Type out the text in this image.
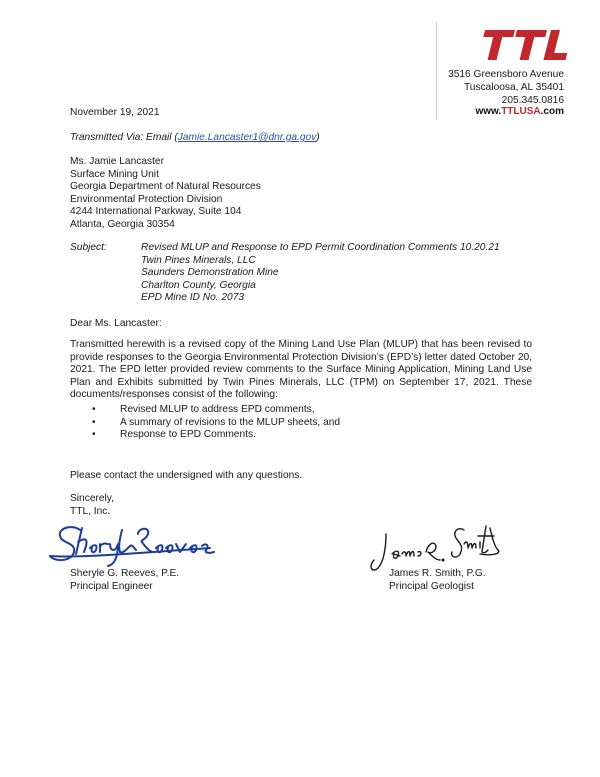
3516 Greensboro Avenue
Tuscaloosa, AL 35401
205.345.0816
www.TTLUSA.com
November 19, 2021
Transmitted Via: Email (Jamie.Lancaster1@dnr.ga.gov)
Ms. Jamie Lancaster
Surface Mining Unit
Georgia Department of Natural Resources
Environmental Protection Division
4244 International Parkway, Suite 104
Atlanta, Georgia 30354
Subject:	Revised MLUP and Response to EPD Permit Coordination Comments 10.20.21
Twin Pines Minerals, LLC
Saunders Demonstration Mine
Charlton County, Georgia
EPD Mine ID No. 2073
Dear Ms. Lancaster:
Transmitted herewith is a revised copy of the Mining Land Use Plan (MLUP) that has been revised to provide responses to the Georgia Environmental Protection Division’s (EPD’s) letter dated October 20, 2021. The EPD letter provided review comments to the Surface Mining Application, Mining Land Use Plan and Exhibits submitted by Twin Pines Minerals, LLC (TPM) on September 17, 2021. These documents/responses consist of the following:
•	Revised MLUP to address EPD comments,
•	A summary of revisions to the MLUP sheets, and
•	Response to EPD Comments.
Please contact the undersigned with any questions.
Sincerely,
TTL, Inc.
Sheryle G. Reeves, P.E.
Principal Engineer
James R. Smith, P.G.
Principal Geologist
